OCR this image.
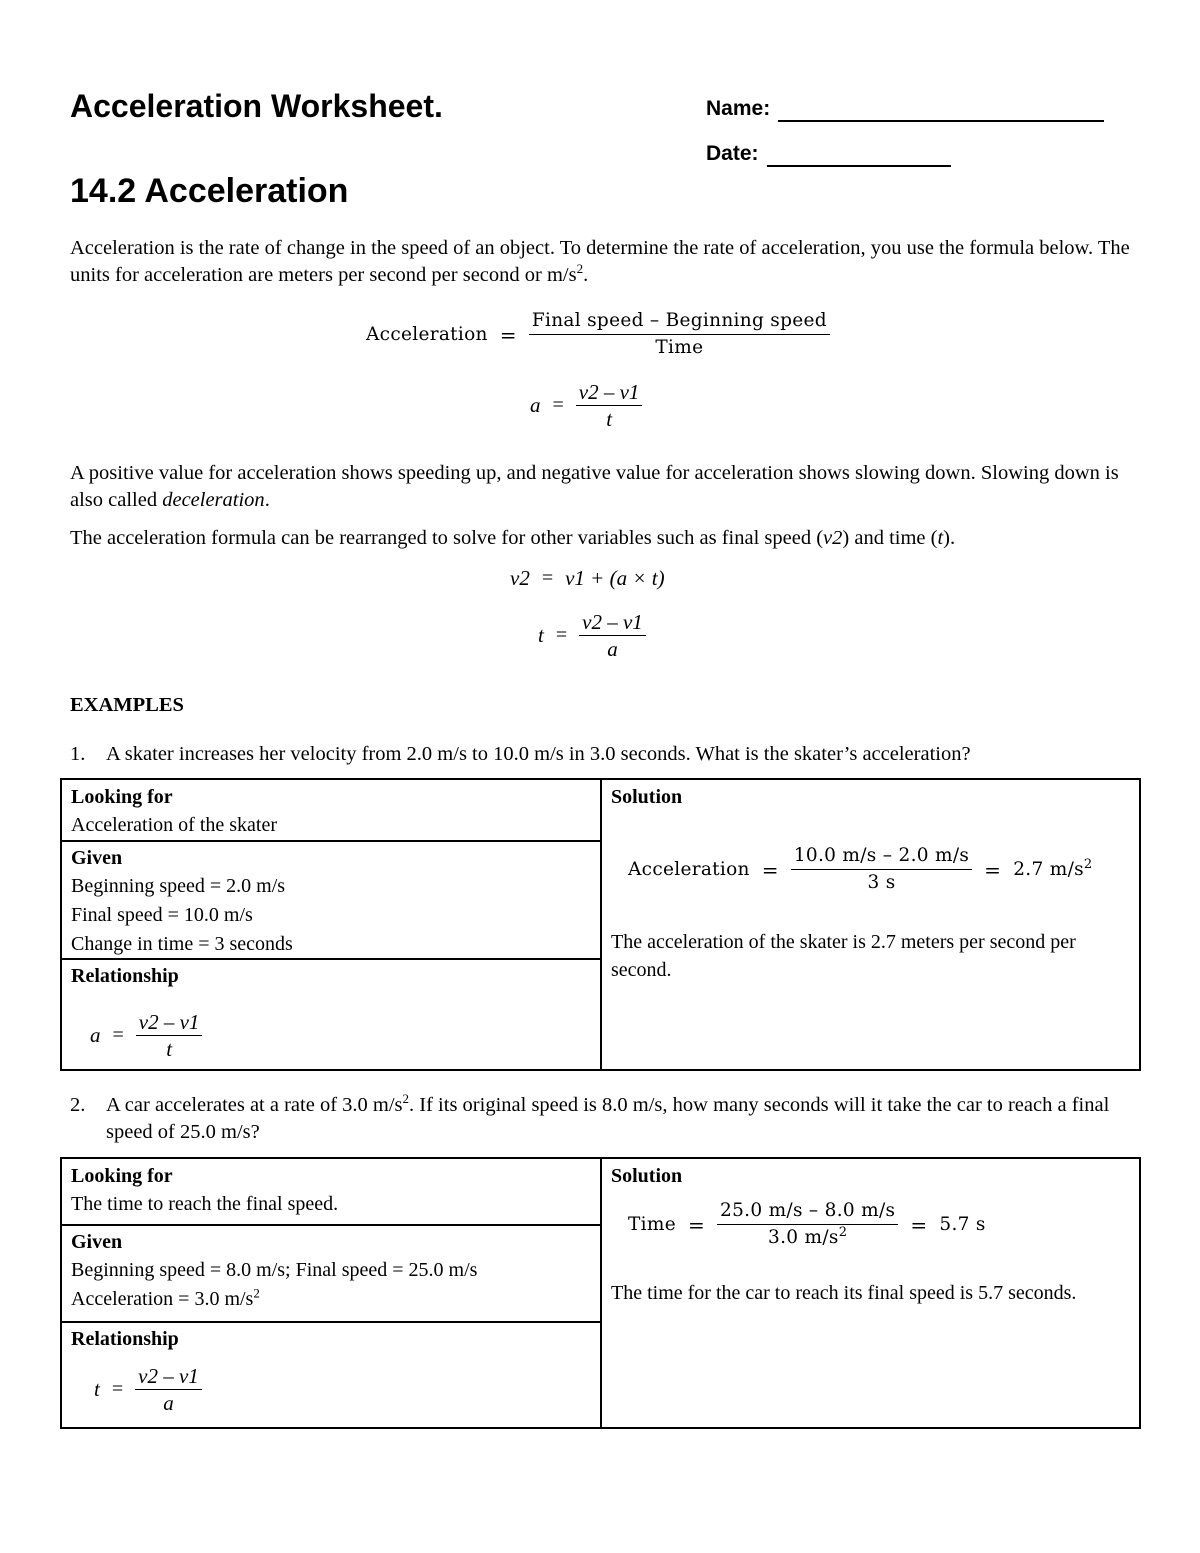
Acceleration Worksheet.	Name:
Date:
14.2 Acceleration
Acceleration is the rate of change in the speed of an object. To determine the rate of acceleration, you use the formula below. The units for acceleration are meters per second per second or $m/s^2$.
Acceleration = $\frac{\text{Final speed – Beginning speed}}{\text{Time}}$
$a = \frac{v2 - v1}{t}$
A positive value for acceleration shows speeding up, and negative value for acceleration shows slowing down. Slowing down is also called deceleration.
The acceleration formula can be rearranged to solve for other variables such as final speed (v2) and time (t).
v2 = v1 + (a × t)
$t = \frac{v2 - v1}{a}$
EXAMPLES
1. A skater increases her velocity from 2.0 m/s to 10.0 m/s in 3.0 seconds. What is the skater’s acceleration?
Looking for
Acceleration of the skater
Given
Beginning speed = 2.0 m/s
Final speed = 10.0 m/s
Change in time = 3 seconds
Relationship
$a = \frac{v2 - v1}{t}$
Solution
Acceleration = $\frac{10.0 m/s - 2.0 m/s}{3 s} = 2.7$ $m/s^2$
The acceleration of the skater is 2.7 meters per second per second.
2. A car accelerates at a rate of 3.0 $m/s^2$. If its original speed is 8.0 m/s, how many seconds will it take the car to reach a final speed of 25.0 m/s?
Looking for
The time to reach the final speed.
Given
Beginning speed = 8.0 m/s; Final speed = 25.0 m/s
Acceleration = 3.0 $m/s^2$
Relationship
$t = \frac{v2 - v1}{a}$
Solution
Time = $\frac{25.0 m/s - 8.0 m/s}{3.0 m/s^2} = 5.7$ s
The time for the car to reach its final speed is 5.7 seconds.
